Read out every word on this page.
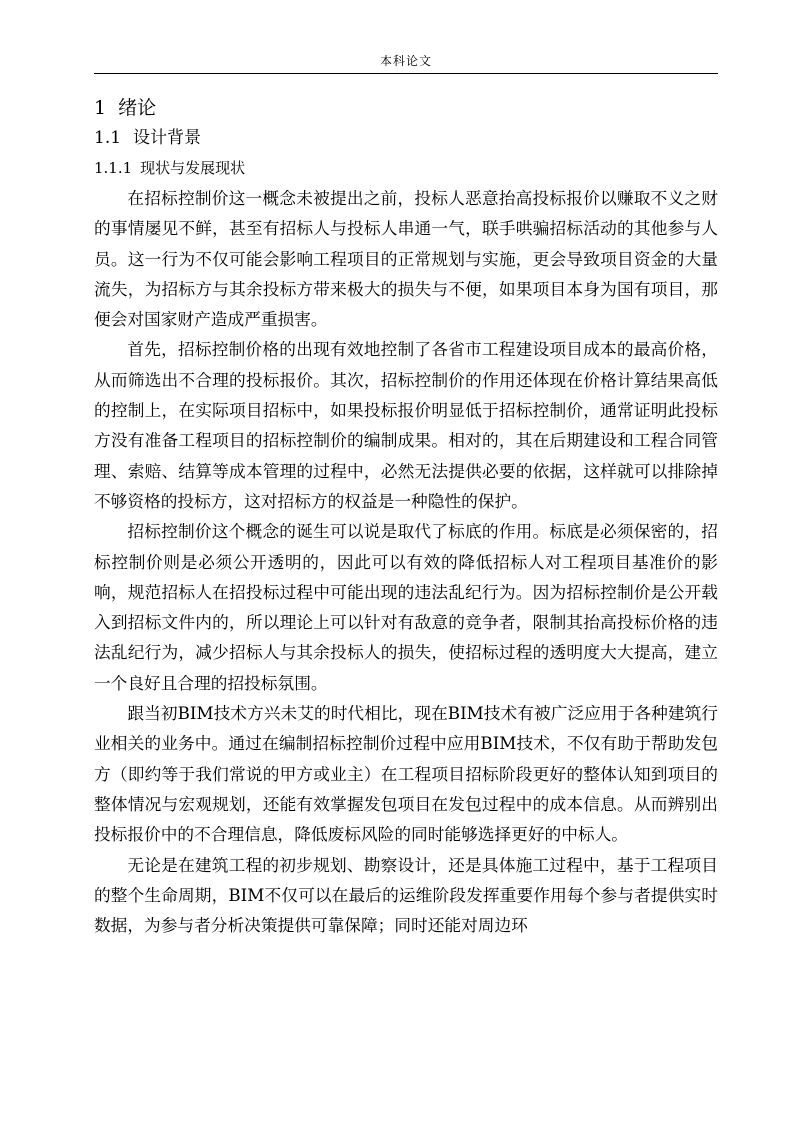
本科论文
1 绪论
1.1 设计背景
1.1.1 现状与发展现状

在招标控制价这一概念未被提出之前，投标人恶意抬高投标报价以赚取不义之财的事情屡见不鲜，甚至有招标人与投标人串通一气，联手哄骗招标活动的其他参与人员。这一行为不仅可能会影响工程项目的正常规划与实施，更会导致项目资金的大量流失，为招标方与其余投标方带来极大的损失与不便，如果项目本身为国有项目，那便会对国家财产造成严重损害。

首先，招标控制价格的出现有效地控制了各省市工程建设项目成本的最高价格，从而筛选出不合理的投标报价。其次，招标控制价的作用还体现在价格计算结果高低的控制上，在实际项目招标中，如果投标报价明显低于招标控制价，通常证明此投标方没有准备工程项目的招标控制价的编制成果。相对的，其在后期建设和工程合同管理、索赔、结算等成本管理的过程中，必然无法提供必要的依据，这样就可以排除掉不够资格的投标方，这对招标方的权益是一种隐性的保护。

招标控制价这个概念的诞生可以说是取代了标底的作用。标底是必须保密的，招标控制价则是必须公开透明的，因此可以有效的降低招标人对工程项目基准价的影响，规范招标人在招投标过程中可能出现的违法乱纪行为。因为招标控制价是公开载入到招标文件内的，所以理论上可以针对有敌意的竞争者，限制其抬高投标价格的违法乱纪行为，减少招标人与其余投标人的损失，使招标过程的透明度大大提高，建立一个良好且合理的招投标氛围。

跟当初BIM技术方兴未艾的时代相比，现在BIM技术有被广泛应用于各种建筑行业相关的业务中。通过在编制招标控制价过程中应用BIM技术，不仅有助于帮助发包方（即约等于我们常说的甲方或业主）在工程项目招标阶段更好的整体认知到项目的整体情况与宏观规划，还能有效掌握发包项目在发包过程中的成本信息。从而辨别出投标报价中的不合理信息，降低废标风险的同时能够选择更好的中标人。

无论是在建筑工程的初步规划、勘察设计，还是具体施工过程中，基于工程项目的整个生命周期，BIM不仅可以在最后的运维阶段发挥重要作用每个参与者提供实时数据，为参与者分析决策提供可靠保障；同时还能对周边环
